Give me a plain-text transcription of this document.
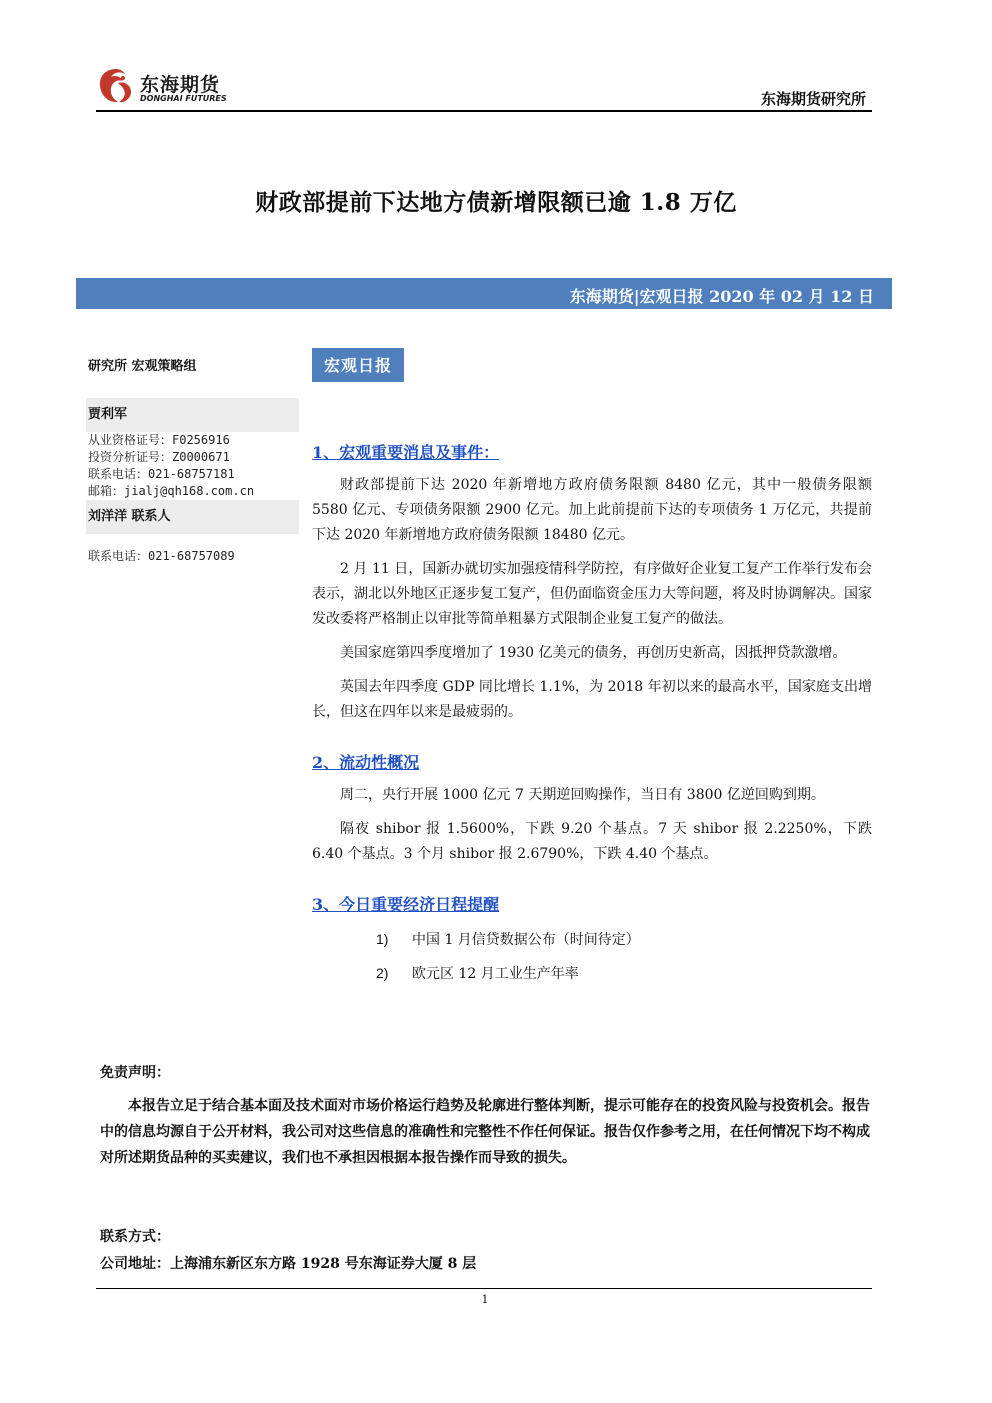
东海期货
DONGHAI FUTURES	东海期货研究所
财政部提前下达地方债新增限额已逾 1.8 万亿
东海期货|宏观日报 2020 年 02 月 12 日
研究所 宏观策略组
贾利军
从业资格证号：F0256916
投资分析证号：Z0000671
联系电话：021-68757181
邮箱：jialj@qh168.com.cn
刘洋洋 联系人
联系电话：021-68757089
宏观日报
1、宏观重要消息及事件：

财政部提前下达 2020 年新增地方政府债务限额 8480 亿元，其中一般债务限额 5580 亿元、专项债务限额 2900 亿元。加上此前提前下达的专项债务 1 万亿元，共提前下达 2020 年新增地方政府债务限额 18480 亿元。

2 月 11 日，国新办就切实加强疫情科学防控，有序做好企业复工复产工作举行发布会表示，湖北以外地区正逐步复工复产，但仍面临资金压力大等问题，将及时协调解决。国家发改委将严格制止以审批等简单粗暴方式限制企业复工复产的做法。

美国家庭第四季度增加了 1930 亿美元的债务，再创历史新高，因抵押贷款激增。

英国去年四季度 GDP 同比增长 1.1%，为 2018 年初以来的最高水平，国家庭支出增长，但这在四年以来是最疲弱的。

2、流动性概况

周二，央行开展 1000 亿元 7 天期逆回购操作，当日有 3800 亿逆回购到期。

隔夜 shibor 报 1.5600%，下跌 9.20 个基点。7 天 shibor 报 2.2250%，下跌 6.40 个基点。3 个月 shibor 报 2.6790%，下跌 4.40 个基点。

3、今日重要经济日程提醒

1) 中国 1 月信贷数据公布（时间待定）

2) 欧元区 12 月工业生产年率

免责声明：
本报告立足于结合基本面及技术面对市场价格运行趋势及轮廓进行整体判断，提示可能存在的投资风险与投资机会。报告中的信息均源自于公开材料，我公司对这些信息的准确性和完整性不作任何保证。报告仅作参考之用，在任何情况下均不构成对所述期货品种的买卖建议，我们也不承担因根据本报告操作而导致的损失。
联系方式：
公司地址：上海浦东新区东方路 1928 号东海证券大厦 8 层
1
